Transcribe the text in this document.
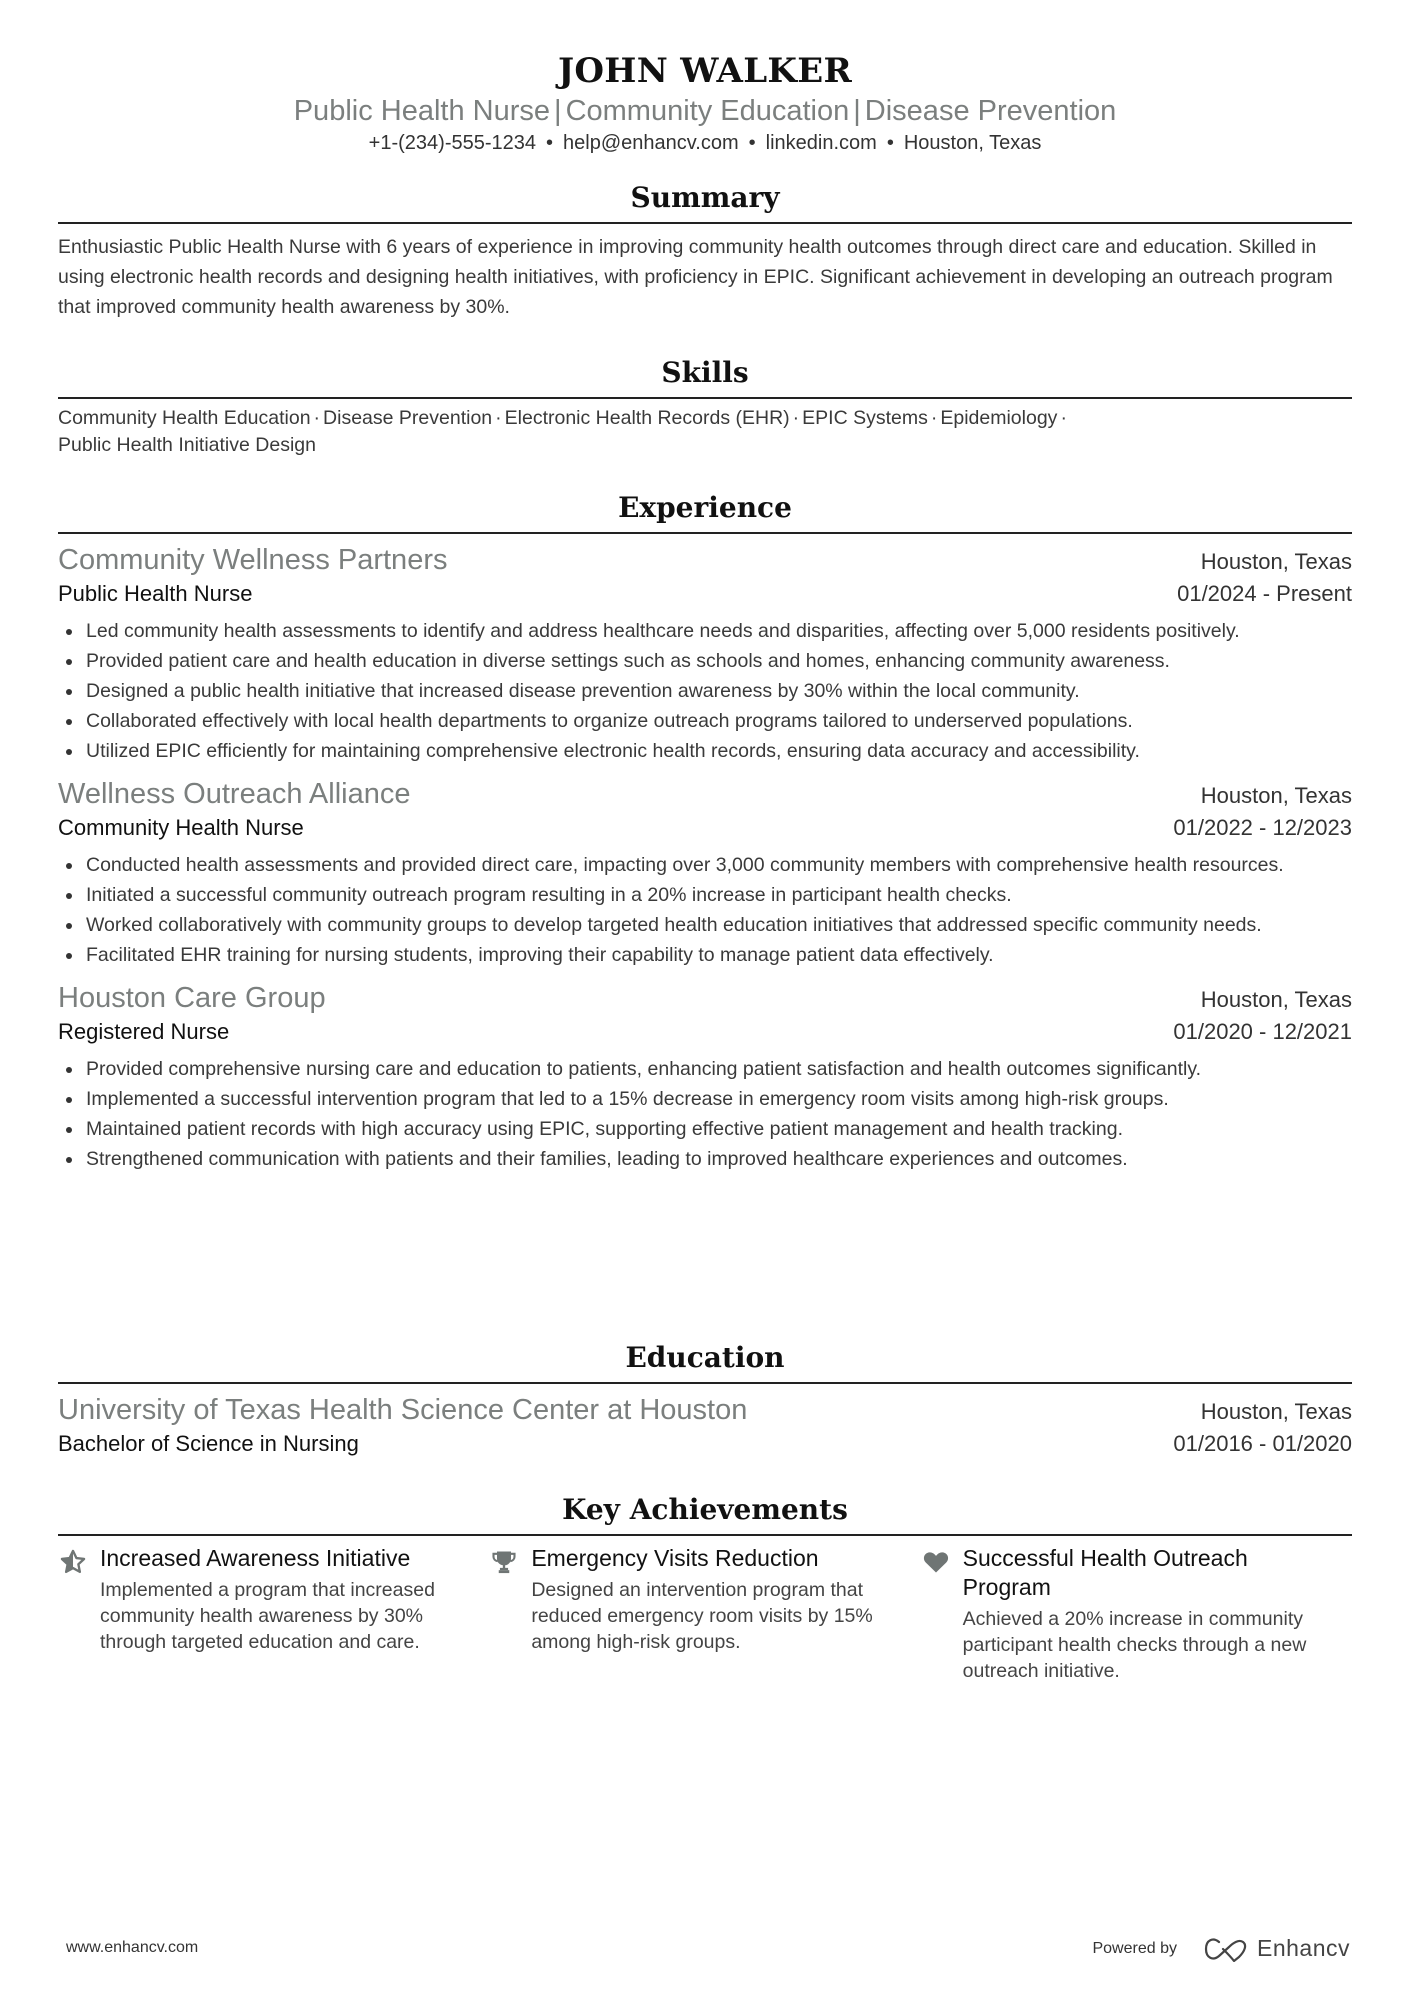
JOHN WALKER
Public Health Nurse | Community Education | Disease Prevention
+1-(234)-555-1234 • help@enhancv.com • linkedin.com • Houston, Texas
Summary
Enthusiastic Public Health Nurse with 6 years of experience in improving community health outcomes through direct care and education. Skilled in using electronic health records and designing health initiatives, with proficiency in EPIC. Significant achievement in developing an outreach program that improved community health awareness by 30%.
Skills
Community Health Education · Disease Prevention · Electronic Health Records (EHR) · EPIC Systems · Epidemiology ·
Public Health Initiative Design
Experience
Community Wellness Partners	Houston, Texas
Public Health Nurse	01/2024 - Present
Led community health assessments to identify and address healthcare needs and disparities, affecting over 5,000 residents positively.
Provided patient care and health education in diverse settings such as schools and homes, enhancing community awareness.
Designed a public health initiative that increased disease prevention awareness by 30% within the local community.
Collaborated effectively with local health departments to organize outreach programs tailored to underserved populations.
Utilized EPIC efficiently for maintaining comprehensive electronic health records, ensuring data accuracy and accessibility.
Wellness Outreach Alliance	Houston, Texas
Community Health Nurse	01/2022 - 12/2023
Conducted health assessments and provided direct care, impacting over 3,000 community members with comprehensive health resources.
Initiated a successful community outreach program resulting in a 20% increase in participant health checks.
Worked collaboratively with community groups to develop targeted health education initiatives that addressed specific community needs.
Facilitated EHR training for nursing students, improving their capability to manage patient data effectively.
Houston Care Group	Houston, Texas
Registered Nurse	01/2020 - 12/2021
Provided comprehensive nursing care and education to patients, enhancing patient satisfaction and health outcomes significantly.
Implemented a successful intervention program that led to a 15% decrease in emergency room visits among high-risk groups.
Maintained patient records with high accuracy using EPIC, supporting effective patient management and health tracking.
Strengthened communication with patients and their families, leading to improved healthcare experiences and outcomes.
Education
University of Texas Health Science Center at Houston	Houston, Texas
Bachelor of Science in Nursing	01/2016 - 01/2020
Key Achievements
Increased Awareness Initiative
Implemented a program that increased community health awareness by 30% through targeted education and care.
Emergency Visits Reduction
Designed an intervention program that reduced emergency room visits by 15% among high-risk groups.
Successful Health Outreach Program
Achieved a 20% increase in community participant health checks through a new outreach initiative.
www.enhancv.com	Powered by	Enhancv
